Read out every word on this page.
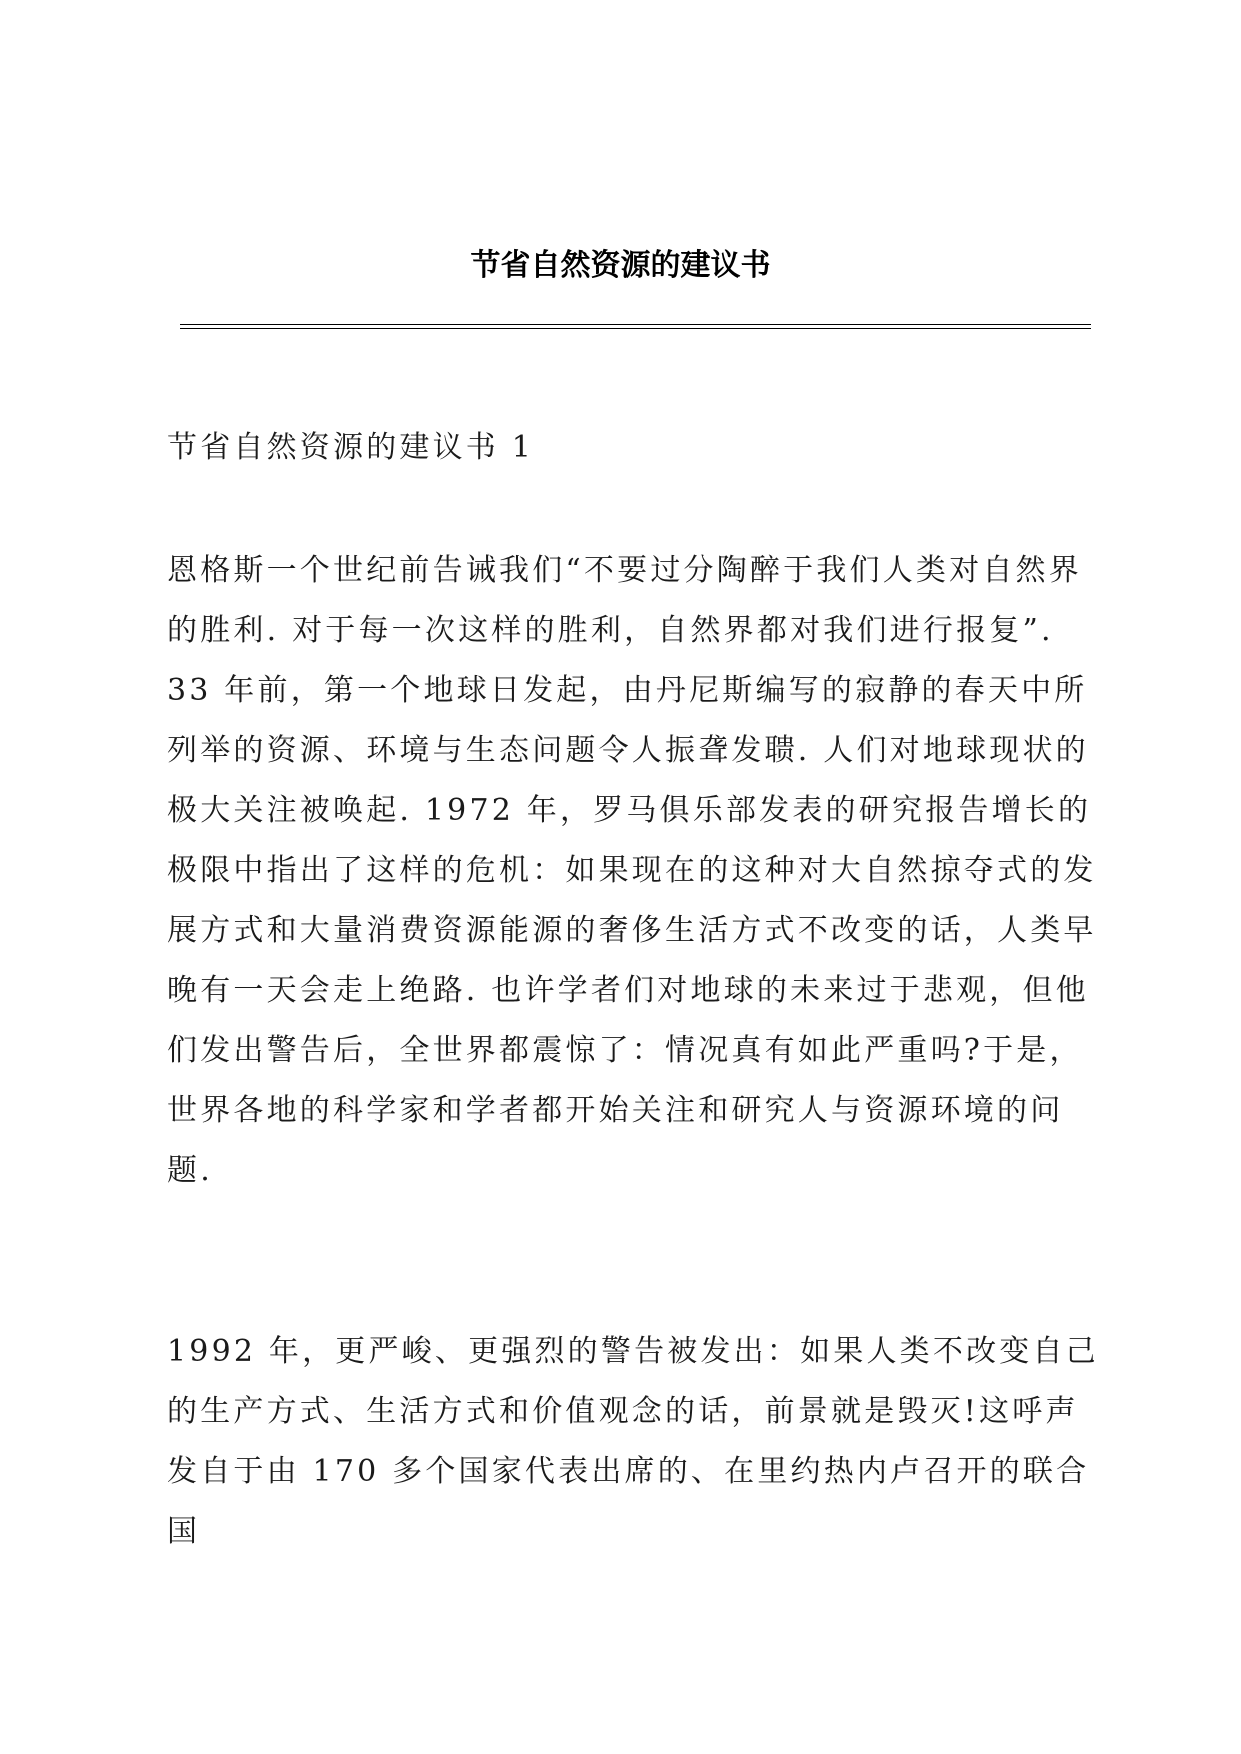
节省自然资源的建议书

节省自然资源的建议书 1

恩格斯一个世纪前告诫我们“不要过分陶醉于我们人类对自然界的胜利. 对于每一次这样的胜利，自然界都对我们进行报复”. 33 年前，第一个地球日发起，由丹尼斯编写的寂静的春天中所列举的资源、环境与生态问题令人振聋发聩. 人们对地球现状的极大关注被唤起. 1972 年，罗马俱乐部发表的研究报告增长的极限中指出了这样的危机：如果现在的这种对大自然掠夺式的发展方式和大量消费资源能源的奢侈生活方式不改变的话，人类早晚有一天会走上绝路. 也许学者们对地球的未来过于悲观，但他们发出警告后，全世界都震惊了：情况真有如此严重吗?于是，世界各地的科学家和学者都开始关注和研究人与资源环境的问题.

1992 年，更严峻、更强烈的警告被发出：如果人类不改变自己的生产方式、生活方式和价值观念的话，前景就是毁灭!这呼声发自于由 170 多个国家代表出席的、在里约热内卢召开的联合国
